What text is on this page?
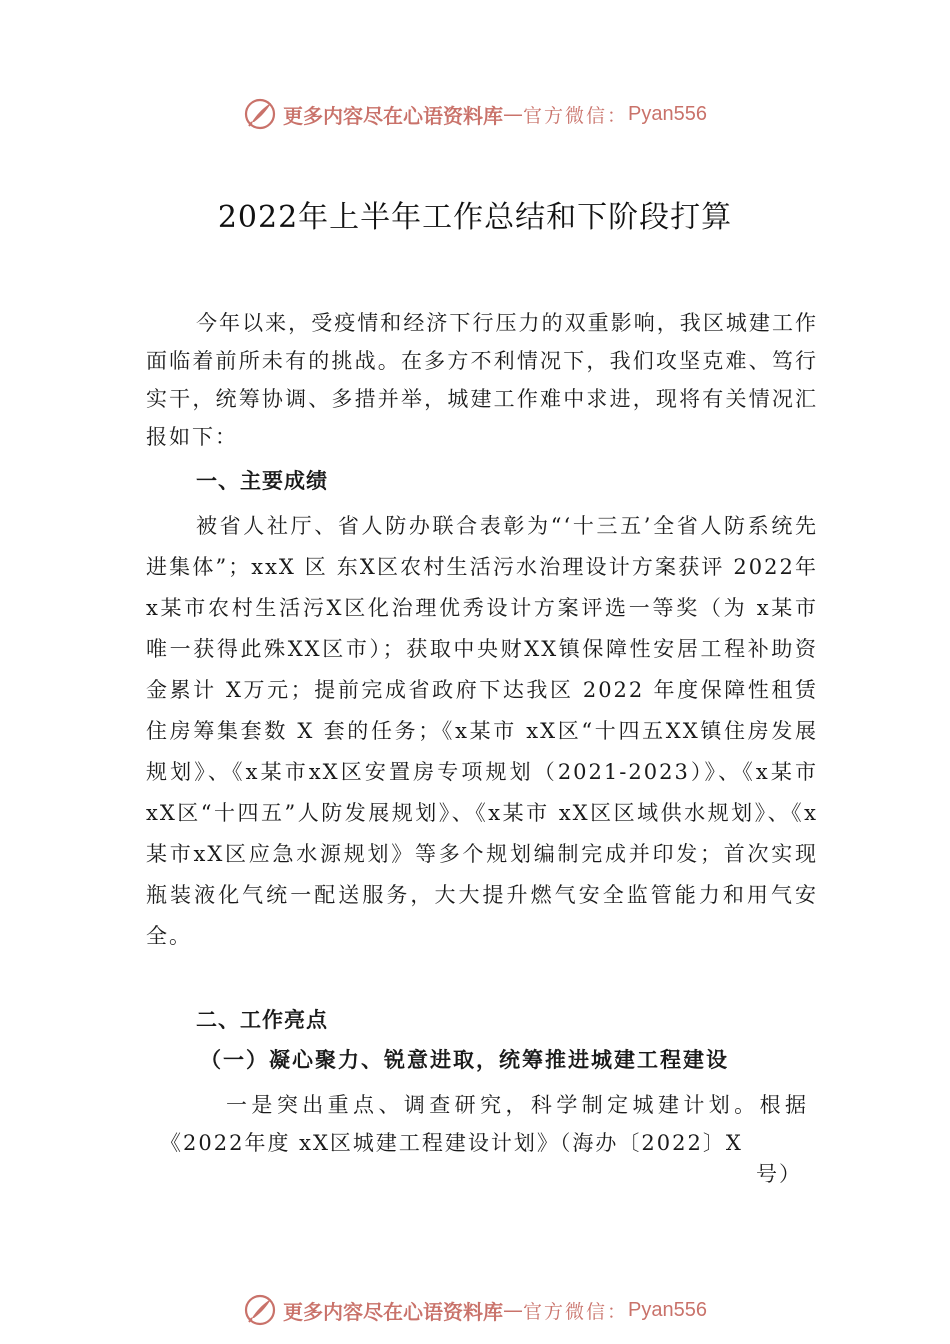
更多内容尽在心语资料库 — 官方微信： Pyan556
2022年上半年工作总结和下阶段打算
今年以来，受疫情和经济下行压力的双重影响，我区城建工作面临着前所未有的挑战。在多方不利情况下，我们攻坚克难、笃行实干，统筹协调、多措并举，城建工作难中求进，现将有关情况汇报如下：
一、主要成绩
被省人社厅、省人防办联合表彰为“‘十三五’全省人防系统先进集体”；xxX 区 东X区农村生活污水治理设计方案获评 2022年 x某市农村生活污X区化治理优秀设计方案评选一等奖（为 x某市唯一获得此殊XX区市）；获取中央财XX镇保障性安居工程补助资金累计 X万元；提前完成省政府下达我区 2022 年度保障性租赁住房筹集套数 X 套的任务；《x某市 xX区“十四五XX镇住房发展规划》、《x某市xX区安置房专项规划（2021-2023）》、《x某市xX区“十四五”人防发展规划》、《x某市 xX区区域供水规划》、《x某市xX区应急水源规划》等多个规划编制完成并印发；首次实现瓶装液化气统一配送服务，大大提升燃气安全监管能力和用气安全。
二、工作亮点
（一）凝心聚力、锐意进取，统筹推进城建工程建设
一是突出重点、调查研究，科学制定城建计划。根据《2022年度 xX区城建工程建设计划》（海办〔2022〕X
号）
更多内容尽在心语资料库 — 官方微信： Pyan556
